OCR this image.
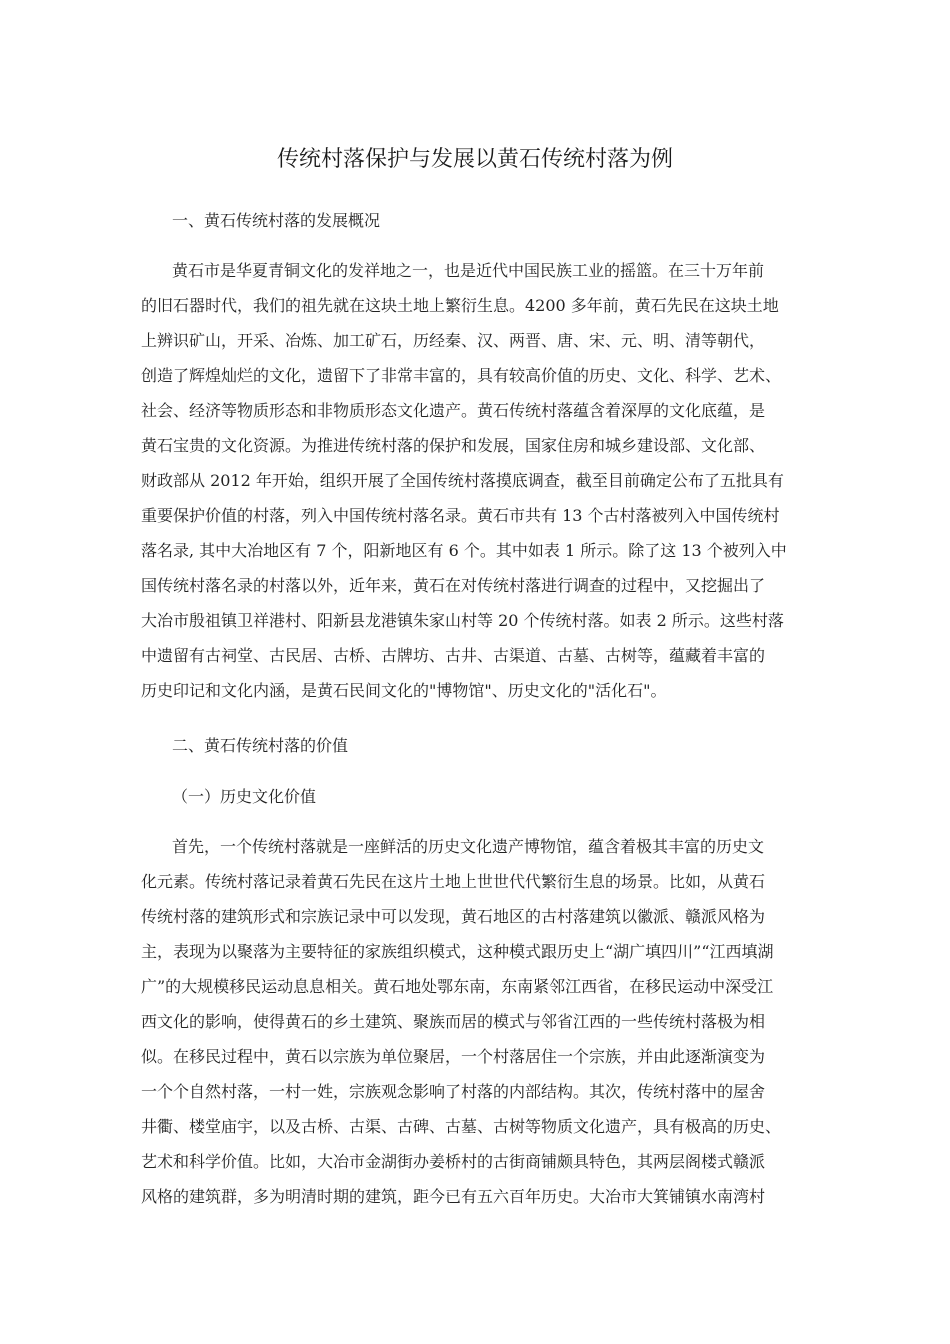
传统村落保护与发展以黄石传统村落为例
一、黄石传统村落的发展概况
黄石市是华夏青铜文化的发祥地之一，也是近代中国民族工业的摇篮。在三十万年前
的旧石器时代，我们的祖先就在这块土地上繁衍生息。4200 多年前，黄石先民在这块土地
上辨识矿山，开采、冶炼、加工矿石，历经秦、汉、两晋、唐、宋、元、明、清等朝代，
创造了辉煌灿烂的文化，遗留下了非常丰富的，具有较高价值的历史、文化、科学、艺术、
社会、经济等物质形态和非物质形态文化遗产。黄石传统村落蕴含着深厚的文化底蕴，是
黄石宝贵的文化资源。为推进传统村落的保护和发展，国家住房和城乡建设部、文化部、
财政部从 2012 年开始，组织开展了全国传统村落摸底调查，截至目前确定公布了五批具有
重要保护价值的村落，列入中国传统村落名录。黄石市共有 13 个古村落被列入中国传统村
落名录, 其中大冶地区有 7 个，阳新地区有 6 个。其中如表 1 所示。除了这 13 个被列入中
国传统村落名录的村落以外，近年来，黄石在对传统村落进行调查的过程中，又挖掘出了
大冶市殷祖镇卫祥港村、阳新县龙港镇朱家山村等 20 个传统村落。如表 2 所示。这些村落
中遗留有古祠堂、古民居、古桥、古牌坊、古井、古渠道、古墓、古树等，蕴藏着丰富的
历史印记和文化内涵，是黄石民间文化的"博物馆"、历史文化的"活化石"。
二、黄石传统村落的价值
（一）历史文化价值
首先，一个传统村落就是一座鲜活的历史文化遗产博物馆，蕴含着极其丰富的历史文
化元素。传统村落记录着黄石先民在这片土地上世世代代繁衍生息的场景。比如，从黄石
传统村落的建筑形式和宗族记录中可以发现，黄石地区的古村落建筑以徽派、赣派风格为
主，表现为以聚落为主要特征的家族组织模式，这种模式跟历史上“湖广填四川”“江西填湖
广”的大规模移民运动息息相关。黄石地处鄂东南，东南紧邻江西省，在移民运动中深受江
西文化的影响，使得黄石的乡土建筑、聚族而居的模式与邻省江西的一些传统村落极为相
似。在移民过程中，黄石以宗族为单位聚居，一个村落居住一个宗族，并由此逐渐演变为
一个个自然村落，一村一姓，宗族观念影响了村落的内部结构。其次，传统村落中的屋舍
井衢、楼堂庙宇，以及古桥、古渠、古碑、古墓、古树等物质文化遗产，具有极高的历史、
艺术和科学价值。比如，大冶市金湖街办姜桥村的古街商铺颇具特色，其两层阁楼式赣派
风格的建筑群，多为明清时期的建筑，距今已有五六百年历史。大冶市大箕铺镇水南湾村
